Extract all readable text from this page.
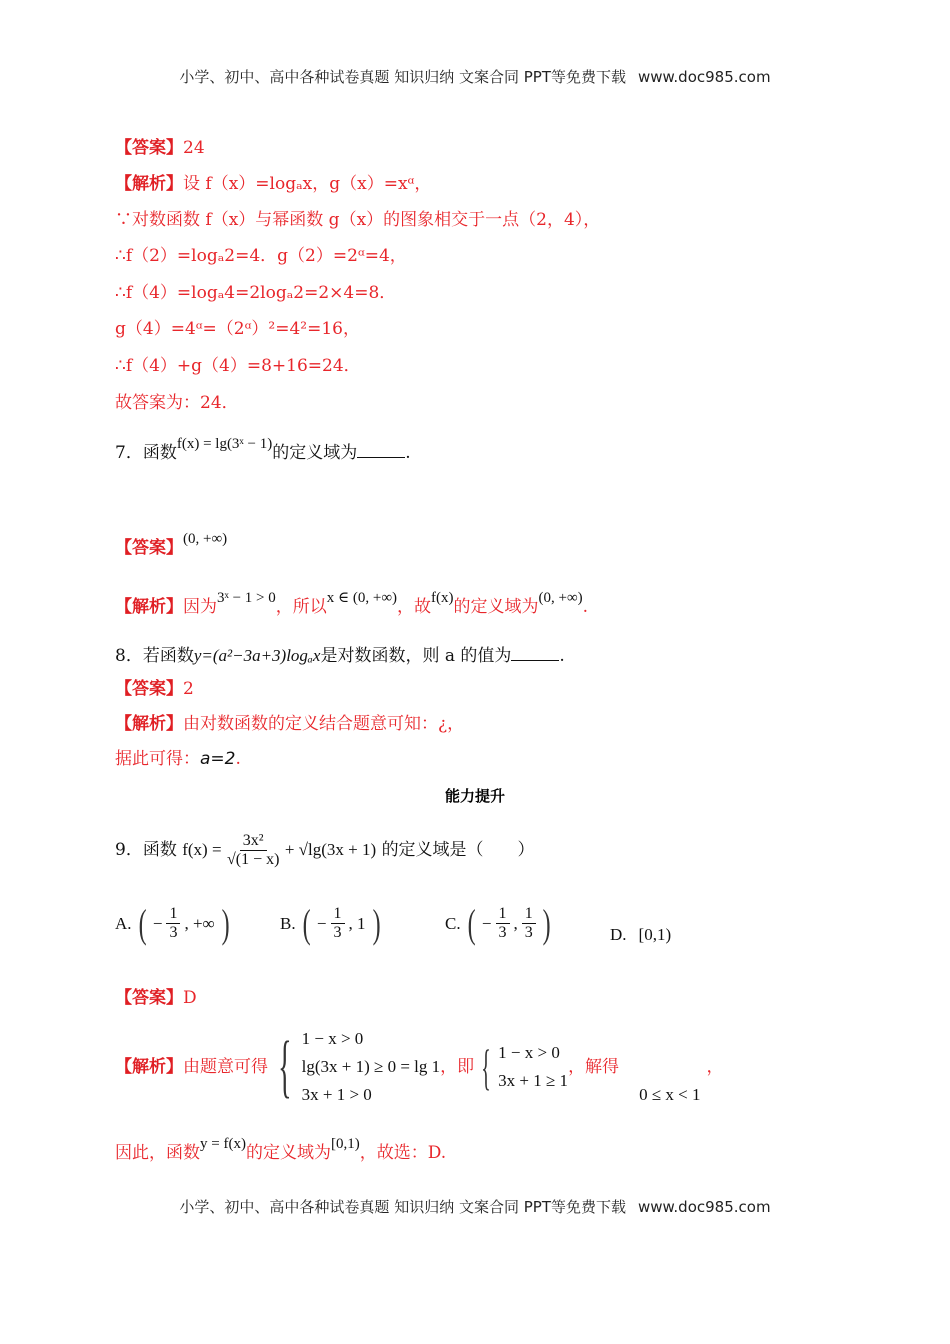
小学、初中、高中各种试卷真题 知识归纳 文案合同 PPT等免费下载 www.doc985.com
【答案】24
【解析】设 f（x）=logₐx，g（x）=xᵅ，
∵对数函数 f（x）与幂函数 g（x）的图象相交于一点（2，4），
∴f（2）=logₐ2=4．g（2）=2ᵅ=4，
∴f（4）=logₐ4=2logₐ2=2×4=8．
g（4）=4ᵅ=（2ᵅ）²=4²=16，
∴f（4）+g（4）=8+16=24．
故答案为：24．
7．函数f(x) = lg(3ˣ − 1)的定义域为	.
【答案】(0, +∞)
【解析】因为3ˣ − 1 > 0，所以x ∈ (0, +∞)，故f(x)的定义域为(0, +∞).
8．若函数y=(a²−3a+3)logₐx是对数函数，则 a 的值为	.
【答案】2
【解析】由对数函数的定义结合题意可知：¿，
据此可得：a=2.
能力提升
9．函数 $f(x) = \frac{\text{3x²}}{√(1 - x)} + √\lg(3x + 1)$ 的定义域是（　　）
A. ( − $\frac{1}{3}$ , +∞ )	B. ( − $\frac{1}{3}$ , 1 )	C. ( − $\frac{1}{3}$ , $\frac{1}{3}$ )	D. [0,1)
【答案】D
【解析】 由题意可得 { 1 − x > 0
lg(3x + 1) ≥ 0 = lg 1
3x + 1 > 0
，即 { 1 − x > 0
3x + 1 ≥ 1
，解得
0 ≤ x < 1
，
因此，函数y = f(x)的定义域为[0,1)，故选：D.
小学、初中、高中各种试卷真题 知识归纳 文案合同 PPT等免费下载 www.doc985.com
